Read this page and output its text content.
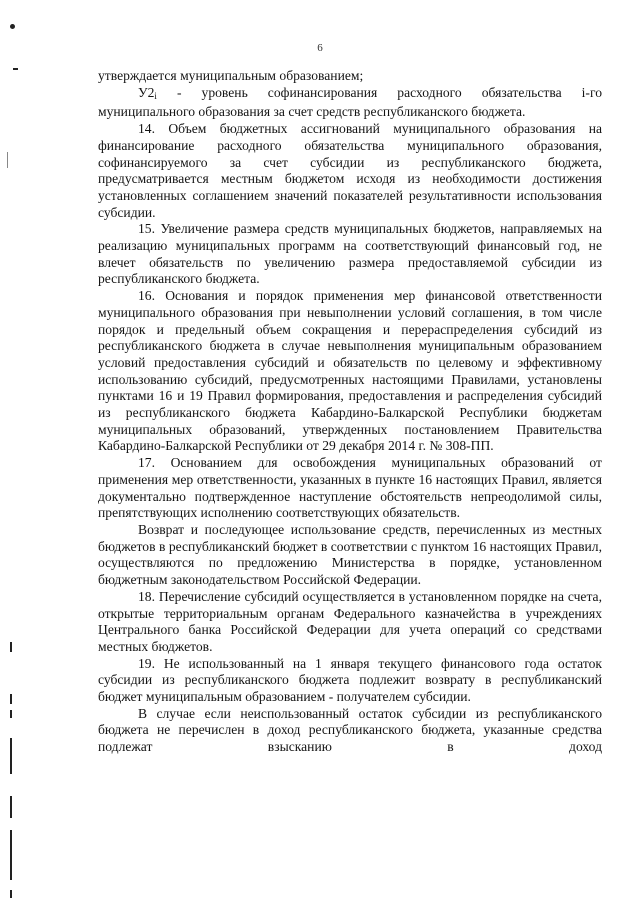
6

утверждается муниципальным образованием;

$У2_i$ - уровень софинансирования расходного обязательства i-го муниципального образования за счет средств республиканского бюджета.

14. Объем бюджетных ассигнований муниципального образования на финансирование расходного обязательства муниципального образования, софинансируемого за счет субсидии из республиканского бюджета, предусматривается местным бюджетом исходя из необходимости достижения установленных соглашением значений показателей результативности использования субсидии.

15. Увеличение размера средств муниципальных бюджетов, направляемых на реализацию муниципальных программ на соответствующий финансовый год, не влечет обязательств по увеличению размера предоставляемой субсидии из республиканского бюджета.

16. Основания и порядок применения мер финансовой ответственности муниципального образования при невыполнении условий соглашения, в том числе порядок и предельный объем сокращения и перераспределения субсидий из республиканского бюджета в случае невыполнения муниципальным образованием условий предоставления субсидий и обязательств по целевому и эффективному использованию субсидий, предусмотренных настоящими Правилами, установлены пунктами 16 и 19 Правил формирования, предоставления и распределения субсидий из республиканского бюджета Кабардино-Балкарской Республики бюджетам муниципальных образований, утвержденных постановлением Правительства Кабардино-Балкарской Республики от 29 декабря 2014 г. № 308-ПП.

17. Основанием для освобождения муниципальных образований от применения мер ответственности, указанных в пункте 16 настоящих Правил, является документально подтвержденное наступление обстоятельств непреодолимой силы, препятствующих исполнению соответствующих обязательств.

Возврат и последующее использование средств, перечисленных из местных бюджетов в республиканский бюджет в соответствии с пунктом 16 настоящих Правил, осуществляются по предложению Министерства в порядке, установленном бюджетным законодательством Российской Федерации.

18. Перечисление субсидий осуществляется в установленном порядке на счета, открытые территориальным органам Федерального казначейства в учреждениях Центрального банка Российской Федерации для учета операций со средствами местных бюджетов.

19. Не использованный на 1 января текущего финансового года остаток субсидии из республиканского бюджета подлежит возврату в республиканский бюджет муниципальным образованием - получателем субсидии.

В случае если неиспользованный остаток субсидии из республиканского бюджета не перечислен в доход республиканского бюджета, указанные средства подлежат взысканию в доход
